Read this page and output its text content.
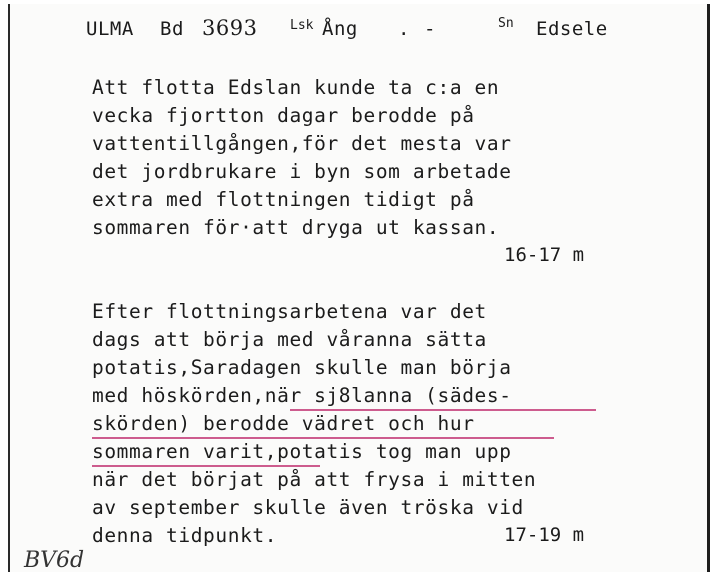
ULMA Bd 3693	Lsk Ång . -	Sn Edsele
Att flotta Edslan kunde ta c:a en
vecka fjortton dagar berodde på
vattentillgången,för det mesta var
det jordbrukare i byn som arbetade
extra med flottningen tidigt på
sommaren för·att dryga ut kassan.
16-17 m
Efter flottningsarbetena var det
dags att börja med våranna sätta
potatis,Saradagen skulle man börja
med höskörden,när sj8lanna (sädes-
skörden) berodde vädret och hur
sommaren varit,potatis tog man upp
när det börjat på att frysa i mitten
av september skulle även tröska vid
denna tidpunkt.	17-19 m
BV6d
